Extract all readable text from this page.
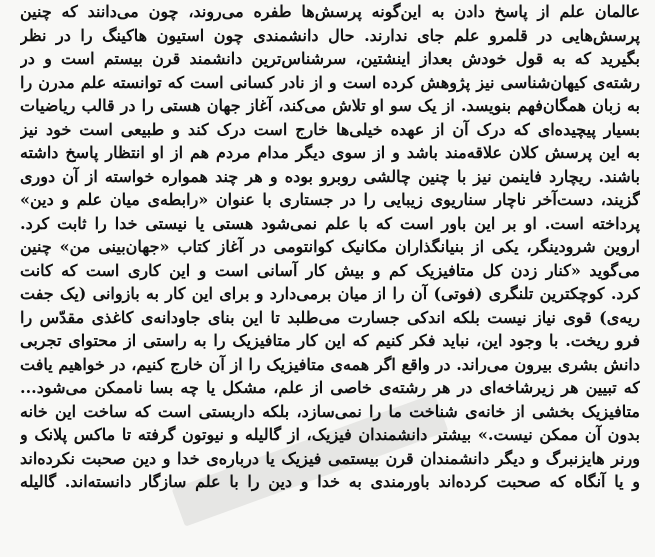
عالمان علم از پاسخ دادن به این‌گونه پرسش‌ها طفره می‌روند، چون می‌دانند که چنین
پرسش‌هایی در قلمرو علم جای ندارند. حال دانشمندی چون استیون هاکینگ را در نظر
بگیرید که به قول خودش بعداز اینشتین، سرشناس‌ترین دانشمند قرن بیستم است و در
رشته‌ی کیهان‌شناسی نیز پژوهش کرده است و از نادر کسانی است که توانسته علم مدرن را
به زبان همگان‌فهم بنویسد. از یک سو او تلاش می‌کند، آغاز جهان هستی را در قالب ریاضیات
بسیار پیچیده‌ای که درک آن از عهده خیلی‌ها خارج است درک کند و طبیعی است خود نیز
به این پرسش کلان علاقه‌مند باشد و از سوی دیگر مدام مردم هم از او انتظار پاسخ داشته
باشند. ریچارد فاینمن نیز با چنین چالشی روبرو بوده و هر چند همواره خواسته از آن دوری
گزیند، دست‌آخر ناچار سناریوی زیبایی را در جستاری با عنوان «رابطه‌ی میان علم و دین»
پرداخته است. او بر این باور است که با علم نمی‌شود هستی یا نیستی خدا را ثابت کرد.
اروین شرودینگر، یکی از بنیانگذاران مکانیک کوانتومی در آغاز کتاب «جهان‌بینی من» چنین
می‌گوید «کنار زدن کل متافیزیک کم و بیش کار آسانی است و این کاری است که کانت
کرد. کوچکترین تلنگری (فوتی) آن را از میان برمی‌دارد و برای این کار به بازوانی (یک جفت
ریه‌ی) قوی نیاز نیست بلکه اندکی جسارت می‌طلبد تا این بنای جاودانه‌ی کاغذی مقدّس را
فرو ریخت. با وجود این، نباید فکر کنیم که این کار متافیزیک را به راستی از محتوای تجربی
دانش بشری بیرون می‌راند. در واقع اگر همه‌ی متافیزیک را از آن خارج کنیم، در خواهیم یافت
که تبیین هر زیرشاخه‌ای در هر رشته‌ی خاصی از علم، مشکل یا چه بسا ناممکن می‌شود...
متافیزیک بخشی از خانه‌ی شناخت ما را نمی‌سازد، بلکه داربستی است که ساخت این خانه
بدون آن ممکن نیست.» بیشتر دانشمندان فیزیک، از گالیله و نیوتون گرفته تا ماکس پلانک و
ورنر هایزنبرگ و دیگر دانشمندان قرن بیستمی فیزیک یا درباره‌ی خدا و دین صحبت نکرده‌اند
و یا آنگاه که صحبت کرده‌اند باورمندی به خدا و دین را با علم سازگار دانسته‌اند. گالیله
